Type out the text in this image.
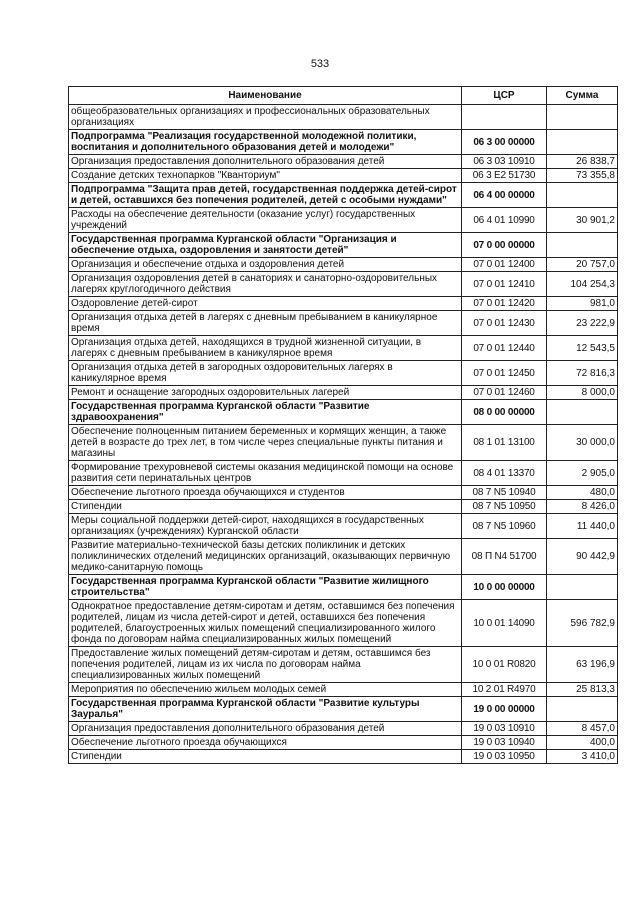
533
Наименование	ЦСР	Сумма
общеобразовательных организациях и профессиональных образовательных организациях		
Подпрограмма "Реализация государственной молодежной политики, воспитания и дополнительного образования детей и молодежи"	06 3 00 00000	
Организация предоставления дополнительного образования детей	06 3 03 10910	26 838,7
Создание детских технопарков "Кванториум"	06 3 E2 51730	73 355,8
Подпрограмма "Защита прав детей, государственная поддержка детей-сирот и детей, оставшихся без попечения родителей, детей с особыми нуждами"	06 4 00 00000	
Расходы на обеспечение деятельности (оказание услуг) государственных учреждений	06 4 01 10990	30 901,2
Государственная программа Курганской области "Организация и обеспечение отдыха, оздоровления и занятости детей"	07 0 00 00000	
Организация и обеспечение отдыха и оздоровления детей	07 0 01 12400	20 757,0
Организация оздоровления детей в санаториях и санаторно-оздоровительных лагерях круглогодичного действия	07 0 01 12410	104 254,3
Оздоровление детей-сирот	07 0 01 12420	981,0
Организация отдыха детей в лагерях с дневным пребыванием в каникулярное время	07 0 01 12430	23 222,9
Организация отдыха детей, находящихся в трудной жизненной ситуации, в лагерях с дневным пребыванием в каникулярное время	07 0 01 12440	12 543,5
Организация отдыха детей в загородных оздоровительных лагерях в каникулярное время	07 0 01 12450	72 816,3
Ремонт и оснащение загородных оздоровительных лагерей	07 0 01 12460	8 000,0
Государственная программа Курганской области "Развитие здравоохранения"	08 0 00 00000	
Обеспечение полноценным питанием беременных и кормящих женщин, а также детей в возрасте до трех лет, в том числе через специальные пункты питания и магазины	08 1 01 13100	30 000,0
Формирование трехуровневой системы оказания медицинской помощи на основе развития сети перинатальных центров	08 4 01 13370	2 905,0
Обеспечение льготного проезда обучающихся и студентов	08 7 N5 10940	480,0
Стипендии	08 7 N5 10950	8 426,0
Меры социальной поддержки детей-сирот, находящихся в государственных организациях (учреждениях) Курганской области	08 7 N5 10960	11 440,0
Развитие материально-технической базы детских поликлиник и детских поликлинических отделений медицинских организаций, оказывающих первичную медико-санитарную помощь	08 П N4 51700	90 442,9
Государственная программа Курганской области "Развитие жилищного строительства"	10 0 00 00000	
Однократное предоставление детям-сиротам и детям, оставшимся без попечения родителей, лицам из числа детей-сирот и детей, оставшихся без попечения родителей, благоустроенных жилых помещений специализированного жилого фонда по договорам найма специализированных жилых помещений	10 0 01 14090	596 782,9
Предоставление жилых помещений детям-сиротам и детям, оставшимся без попечения родителей, лицам из их числа по договорам найма специализированных жилых помещений	10 0 01 R0820	63 196,9
Мероприятия по обеспечению жильем молодых семей	10 2 01 R4970	25 813,3
Государственная программа Курганской области "Развитие культуры Зауралья"	19 0 00 00000	
Организация предоставления дополнительного образования детей	19 0 03 10910	8 457,0
Обеспечение льготного проезда обучающихся	19 0 03 10940	400,0
Стипендии	19 0 03 10950	3 410,0
